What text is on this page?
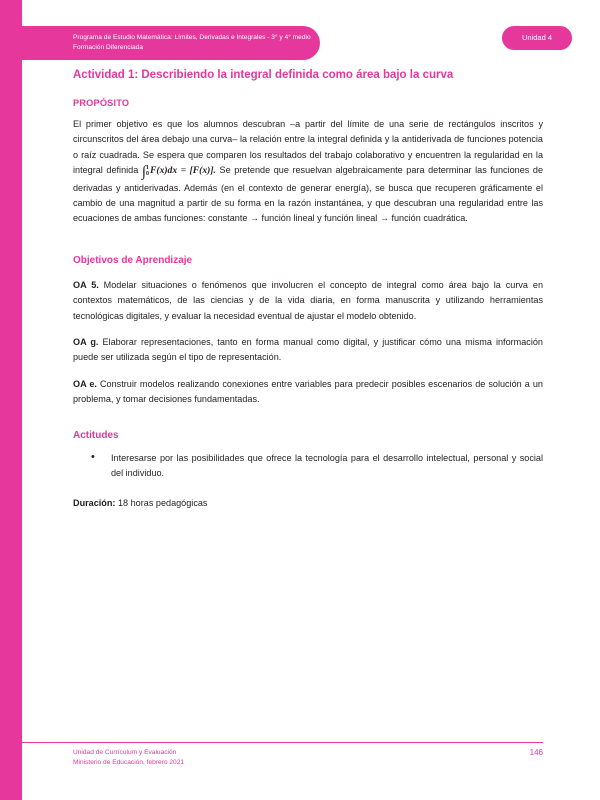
Programa de Estudio Matemática: Límites, Derivadas e Integrales - 3° y 4° medio
Formación Diferenciada
Unidad 4
Actividad 1: Describiendo la integral definida como área bajo la curva
PROPÓSITO

El primer objetivo es que los alumnos descubran –a partir del límite de una serie de rectángulos inscritos y circunscritos del área debajo una curva– la relación entre la integral definida y la antiderivada de funciones potencia o raíz cuadrada. Se espera que comparen los resultados del trabajo colaborativo y encuentren la regularidad en la integral definida ∫1
0F(x)dx = [F(x)]. Se pretende que resuelvan algebraicamente para determinar las funciones de derivadas y antiderivadas. Además (en el contexto de generar energía), se busca que recuperen gráficamente el cambio de una magnitud a partir de su forma en la razón instantánea, y que descubran una regularidad entre las ecuaciones de ambas funciones: constante → función lineal y función lineal → función cuadrática.

Objetivos de Aprendizaje

OA 5. Modelar situaciones o fenómenos que involucren el concepto de integral como área bajo la curva en contextos matemáticos, de las ciencias y de la vida diaria, en forma manuscrita y utilizando herramientas tecnológicas digitales, y evaluar la necesidad eventual de ajustar el modelo obtenido.

OA g. Elaborar representaciones, tanto en forma manual como digital, y justificar cómo una misma información puede ser utilizada según el tipo de representación.

OA e. Construir modelos realizando conexiones entre variables para predecir posibles escenarios de solución a un problema, y tomar decisiones fundamentadas.

Actitudes
• Interesarse por las posibilidades que ofrece la tecnología para el desarrollo intelectual, personal y social del individuo.

Duración: 18 horas pedagógicas

Unidad de Currículum y Evaluación
Ministerio de Educación, febrero 2021
146
